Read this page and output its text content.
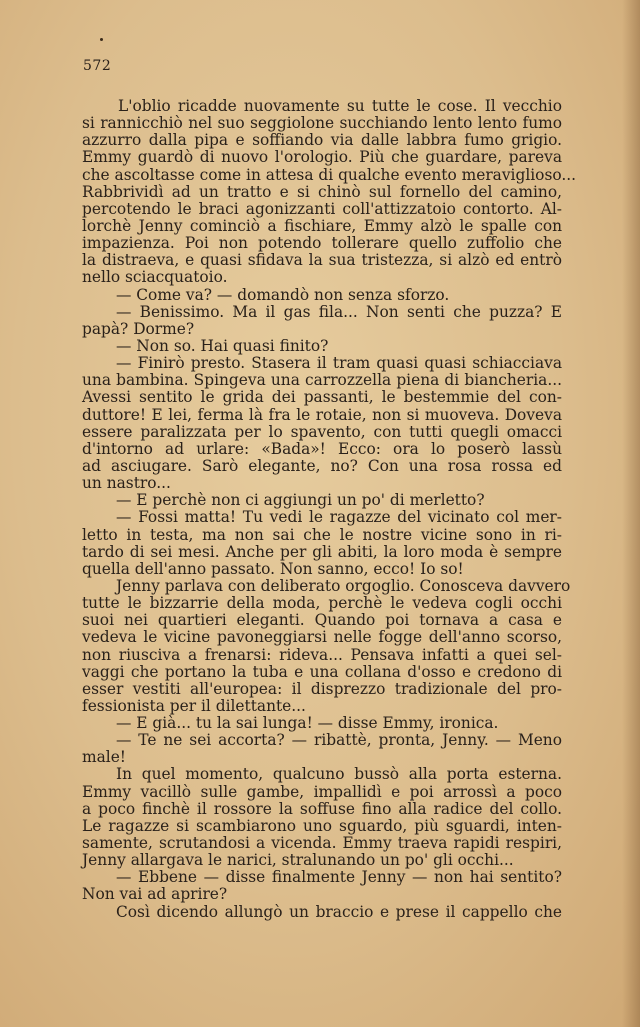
572
L'oblio ricadde nuovamente su tutte le cose. Il vecchio
si rannicchiò nel suo seggiolone succhiando lento lento fumo
azzurro dalla pipa e soffiando via dalle labbra fumo grigio.
Emmy guardò di nuovo l'orologio. Più che guardare, pareva
che ascoltasse come in attesa di qualche evento meraviglioso...
Rabbrividì ad un tratto e si chinò sul fornello del camino,
percotendo le braci agonizzanti coll'attizzatoio contorto. Al-
lorchè Jenny cominciò a fischiare, Emmy alzò le spalle con
impazienza. Poi non potendo tollerare quello zuffolio che
la distraeva, e quasi sfidava la sua tristezza, si alzò ed entrò
nello sciacquatoio.
— Come va? — domandò non senza sforzo.
— Benissimo. Ma il gas fila... Non senti che puzza? E
papà? Dorme?
— Non so. Hai quasi finito?
— Finirò presto. Stasera il tram quasi quasi schiacciava
una bambina. Spingeva una carrozzella piena di biancheria...
Avessi sentito le grida dei passanti, le bestemmie del con-
duttore! E lei, ferma là fra le rotaie, non si muoveva. Doveva
essere paralizzata per lo spavento, con tutti quegli omacci
d'intorno ad urlare: «Bada»! Ecco: ora lo poserò lassù
ad asciugare. Sarò elegante, no? Con una rosa rossa ed
un nastro...
— E perchè non ci aggiungi un po' di merletto?
— Fossi matta! Tu vedi le ragazze del vicinato col mer-
letto in testa, ma non sai che le nostre vicine sono in ri-
tardo di sei mesi. Anche per gli abiti, la loro moda è sempre
quella dell'anno passato. Non sanno, ecco! Io so!
Jenny parlava con deliberato orgoglio. Conosceva davvero
tutte le bizzarrie della moda, perchè le vedeva cogli occhi
suoi nei quartieri eleganti. Quando poi tornava a casa e
vedeva le vicine pavoneggiarsi nelle fogge dell'anno scorso,
non riusciva a frenarsi: rideva... Pensava infatti a quei sel-
vaggi che portano la tuba e una collana d'osso e credono di
esser vestiti all'europea: il disprezzo tradizionale del pro-
fessionista per il dilettante...
— E già... tu la sai lunga! — disse Emmy, ironica.
— Te ne sei accorta? — ribattè, pronta, Jenny. — Meno
male!
In quel momento, qualcuno bussò alla porta esterna.
Emmy vacillò sulle gambe, impallidì e poi arrossì a poco
a poco finchè il rossore la soffuse fino alla radice del collo.
Le ragazze si scambiarono uno sguardo, più sguardi, inten-
samente, scrutandosi a vicenda. Emmy traeva rapidi respiri,
Jenny allargava le narici, stralunando un po' gli occhi...
— Ebbene — disse finalmente Jenny — non hai sentito?
Non vai ad aprire?
Così dicendo allungò un braccio e prese il cappello che
